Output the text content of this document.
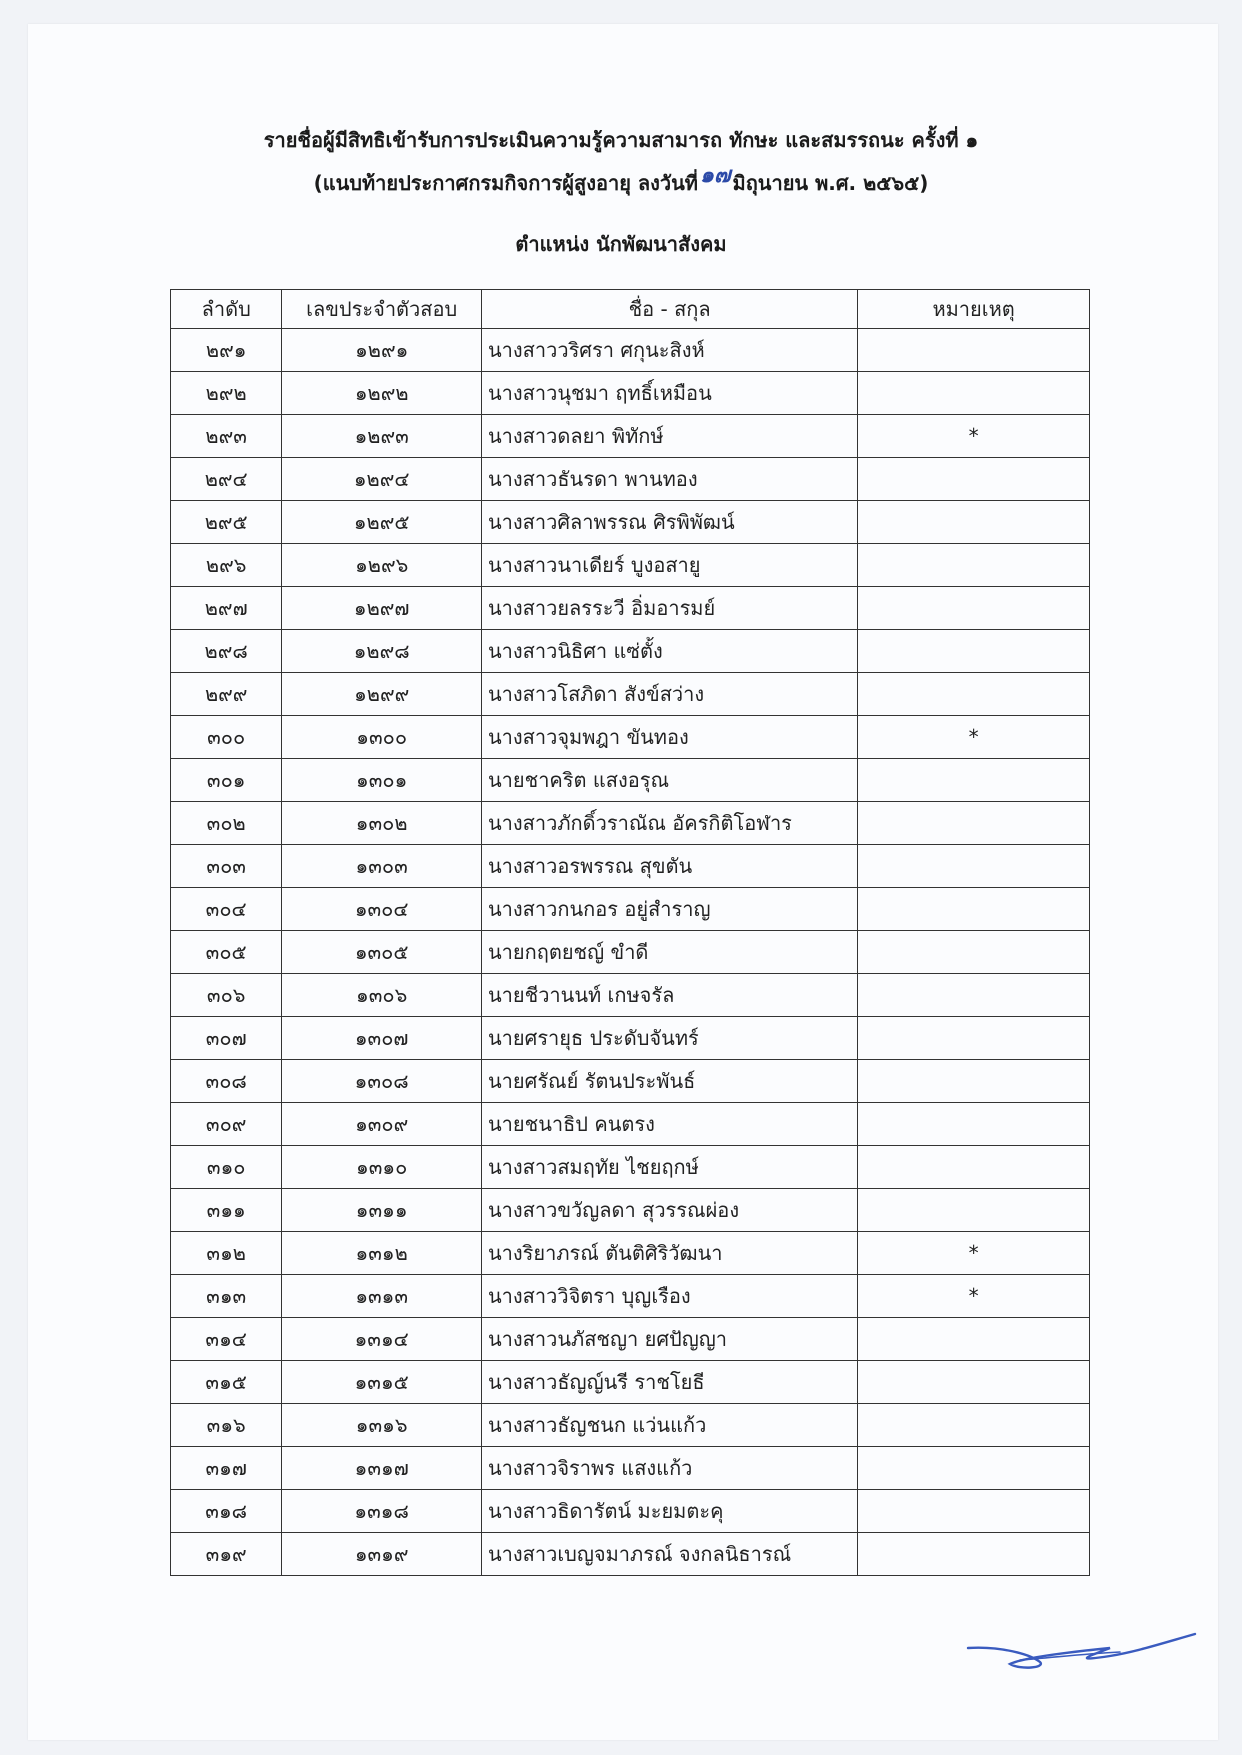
รายชื่อผู้มีสิทธิเข้ารับการประเมินความรู้ความสามารถ ทักษะ และสมรรถนะ ครั้งที่ ๑
(แนบท้ายประกาศกรมกิจการผู้สูงอายุ ลงวันที่๑๗ มิถุนายน พ.ศ. ๒๕๖๕)
ตำแหน่ง นักพัฒนาสังคม
ลำดับ	เลขประจำตัวสอบ	ชื่อ - สกุล	หมายเหตุ
๒๙๑	๑๒๙๑	นางสาววริศรา ศกุนะสิงห์	
๒๙๒	๑๒๙๒	นางสาวนุชมา ฤทธิ์เหมือน	
๒๙๓	๑๒๙๓	นางสาวดลยา พิทักษ์	*
๒๙๔	๑๒๙๔	นางสาวธันรดา พานทอง	
๒๙๕	๑๒๙๕	นางสาวศิลาพรรณ ศิรพิพัฒน์	
๒๙๖	๑๒๙๖	นางสาวนาเดียร์ บูงอสายู	
๒๙๗	๑๒๙๗	นางสาวยลรระวี อิ่มอารมย์	
๒๙๘	๑๒๙๘	นางสาวนิธิศา แซ่ตั้ง	
๒๙๙	๑๒๙๙	นางสาวโสภิดา สังข์สว่าง	
๓๐๐	๑๓๐๐	นางสาวจุมพฎา ขันทอง	*
๓๐๑	๑๓๐๑	นายชาคริต แสงอรุณ	
๓๐๒	๑๓๐๒	นางสาวภักดิ์วราณัณ อัครกิติโอฬาร	
๓๐๓	๑๓๐๓	นางสาวอรพรรณ สุขตัน	
๓๐๔	๑๓๐๔	นางสาวกนกอร อยู่สำราญ	
๓๐๕	๑๓๐๕	นายกฤตยชญ์ ขำดี	
๓๐๖	๑๓๐๖	นายชีวานนท์ เกษจรัล	
๓๐๗	๑๓๐๗	นายศรายุธ ประดับจันทร์	
๓๐๘	๑๓๐๘	นายศรัณย์ รัตนประพันธ์	
๓๐๙	๑๓๐๙	นายชนาธิป คนตรง	
๓๑๐	๑๓๑๐	นางสาวสมฤทัย ไชยฤกษ์	
๓๑๑	๑๓๑๑	นางสาวขวัญลดา สุวรรณผ่อง	
๓๑๒	๑๓๑๒	นางริยาภรณ์ ตันติศิริวัฒนา	*
๓๑๓	๑๓๑๓	นางสาววิจิตรา บุญเรือง	*
๓๑๔	๑๓๑๔	นางสาวนภัสชญา ยศปัญญา	
๓๑๕	๑๓๑๕	นางสาวธัญญ์นรี ราชโยธี	
๓๑๖	๑๓๑๖	นางสาวธัญชนก แว่นแก้ว	
๓๑๗	๑๓๑๗	นางสาวจิราพร แสงแก้ว	
๓๑๘	๑๓๑๘	นางสาวธิดารัตน์ มะยมตะคุ	
๓๑๙	๑๓๑๙	นางสาวเบญจมาภรณ์ จงกลนิธารณ์	
